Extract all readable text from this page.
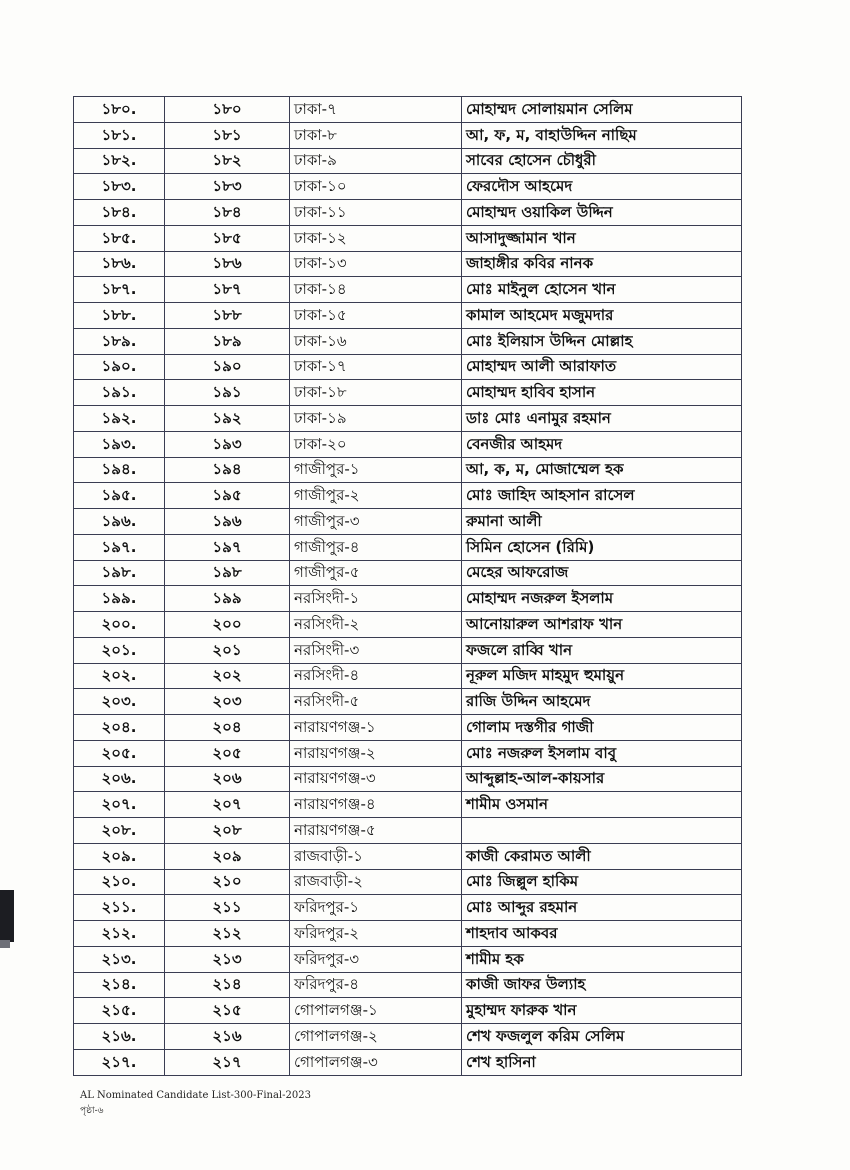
১৮০.	১৮০	ঢাকা-৭	মোহাম্মদ সোলায়মান সেলিম
১৮১.	১৮১	ঢাকা-৮	আ, ফ, ম, বাহাউদ্দিন নাছিম
১৮২.	১৮২	ঢাকা-৯	সাবের হোসেন চৌধুরী
১৮৩.	১৮৩	ঢাকা-১০	ফেরদৌস আহমেদ
১৮৪.	১৮৪	ঢাকা-১১	মোহাম্মদ ওয়াকিল উদ্দিন
১৮৫.	১৮৫	ঢাকা-১২	আসাদুজ্জামান খান
১৮৬.	১৮৬	ঢাকা-১৩	জাহাঙ্গীর কবির নানক
১৮৭.	১৮৭	ঢাকা-১৪	মোঃ মাইনুল হোসেন খান
১৮৮.	১৮৮	ঢাকা-১৫	কামাল আহমেদ মজুমদার
১৮৯.	১৮৯	ঢাকা-১৬	মোঃ ইলিয়াস উদ্দিন মোল্লাহ
১৯০.	১৯০	ঢাকা-১৭	মোহাম্মদ আলী আরাফাত
১৯১.	১৯১	ঢাকা-১৮	মোহাম্মদ হাবিব হাসান
১৯২.	১৯২	ঢাকা-১৯	ডাঃ মোঃ এনামুর রহমান
১৯৩.	১৯৩	ঢাকা-২০	বেনজীর আহমদ
১৯৪.	১৯৪	গাজীপুর-১	আ, ক, ম, মোজাম্মেল হক
১৯৫.	১৯৫	গাজীপুর-২	মোঃ জাহিদ আহসান রাসেল
১৯৬.	১৯৬	গাজীপুর-৩	রুমানা আলী
১৯৭.	১৯৭	গাজীপুর-৪	সিমিন হোসেন (রিমি)
১৯৮.	১৯৮	গাজীপুর-৫	মেহের আফরোজ
১৯৯.	১৯৯	নরসিংদী-১	মোহাম্মদ নজরুল ইসলাম
২০০.	২০০	নরসিংদী-২	আনোয়ারুল আশরাফ খান
২০১.	২০১	নরসিংদী-৩	ফজলে রাব্বি খান
২০২.	২০২	নরসিংদী-৪	নূরুল মজিদ মাহমুদ হুমায়ুন
২০৩.	২০৩	নরসিংদী-৫	রাজি উদ্দিন আহমেদ
২০৪.	২০৪	নারায়ণগঞ্জ-১	গোলাম দস্তগীর গাজী
২০৫.	২০৫	নারায়ণগঞ্জ-২	মোঃ নজরুল ইসলাম বাবু
২০৬.	২০৬	নারায়ণগঞ্জ-৩	আব্দুল্লাহ-আল-কায়সার
২০৭.	২০৭	নারায়ণগঞ্জ-৪	শামীম ওসমান
২০৮.	২০৮	নারায়ণগঞ্জ-৫	
২০৯.	২০৯	রাজবাড়ী-১	কাজী কেরামত আলী
২১০.	২১০	রাজবাড়ী-২	মোঃ জিল্লুল হাকিম
২১১.	২১১	ফরিদপুর-১	মোঃ আব্দুর রহমান
২১২.	২১২	ফরিদপুর-২	শাহদাব আকবর
২১৩.	২১৩	ফরিদপুর-৩	শামীম হক
২১৪.	২১৪	ফরিদপুর-৪	কাজী জাফর উল্যাহ
২১৫.	২১৫	গোপালগঞ্জ-১	মুহাম্মদ ফারুক খান
২১৬.	২১৬	গোপালগঞ্জ-২	শেখ ফজলুল করিম সেলিম
২১৭.	২১৭	গোপালগঞ্জ-৩	শেখ হাসিনা
AL Nominated Candidate List-300-Final-2023
পৃষ্ঠা-৬
